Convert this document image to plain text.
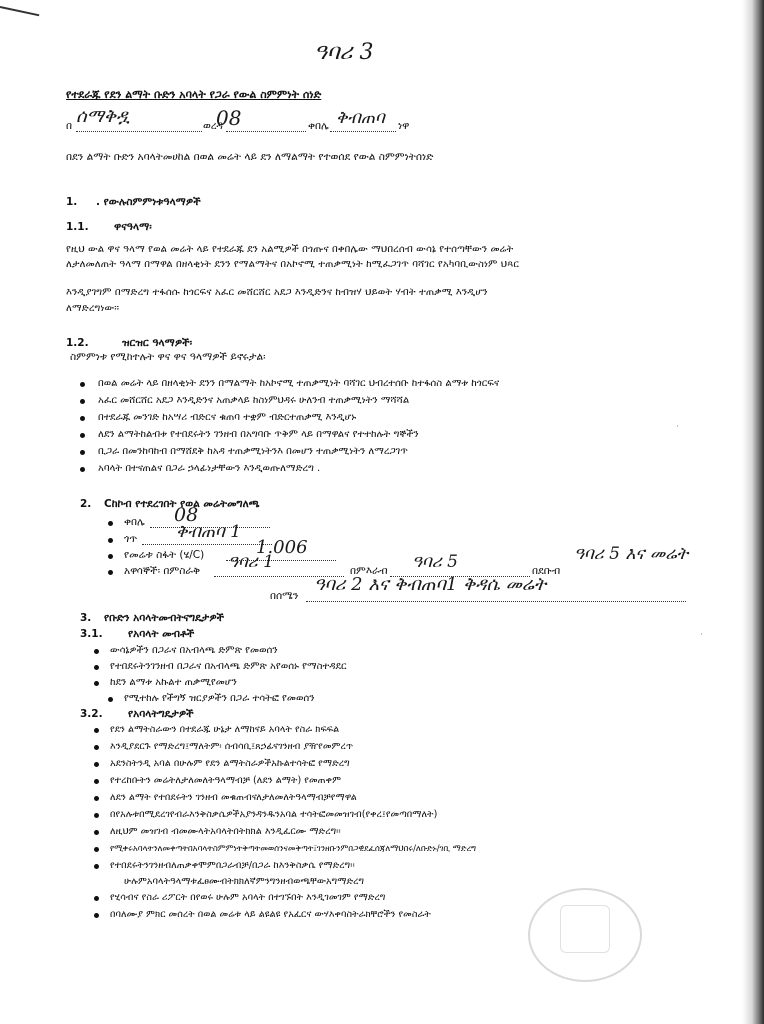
ዓባሪ 3
የተደራጁ የደን ልማት ቡድን አባላት የጋራ የውል ስምምነት ሰነድ
በ ሰማቅዷ	ወረዳ
08	ቀበሌ ቅብጠባ ነዋ
በደን ልማት ቡድን አባላትመሀከል በወል መሬት ላይ ደን ለማልማት የተወሰደ የውል ስምምነትሰነድ
1. . የውሉስምምነቱዓላማዎች
1.1. ዋናዓላማ፡
የዚህ ውል ዋና ዓላማ የወል መሬት ላይ የተደራጁ ደን አልሚዎች በጎጡና በቀበሌው ማህበረሰብ ውሳኔ የተሰጣቸውን መሬት
ለታለመለጠት ዓላማ በማዋል በዘላቂነት ደንን የማልማትና በአኮኖሚ ተጠቃሚነት ከሚፈጋገጥ ባሻገር የአካባቢውስነም ህጻር
እንዲያገግም በማድረግ ተፋሰሱ ከጎርፍና አፈር መሸርሸር አደጋ እንዲድንና ከብዝሃ ህይወት ሃብት ተጠቃሚ እንዲሆን
ለማድረግነው፡፡
1.2.	ዝርዝር ዓላማዎች፡
ስምምነቱ የሚከተሉት ዋና ዋና ዓላማዎች ይኖሩታል፡
በወል መሬት ላይ በዘላቂነት ደንን በማልማት ከአኮኖሚ ተጠቃሚነት ባሻገር ህብረተሰቡ ከተፋሰስ ልማቱ ከጎርፍና
አፈር መሸርሸር አደጋ እንዲድንና አጠቃላይ ከስነምህዳሩ ሁለንብ ተጠቃሚነትን ማሻሻል
በተደራጁ መንገድ ከአሣሪ ብድርና ቁጠባ ተቋም ብድርተጠቃሚ እንዲሆኑ
ለደን ልማትከልብቱ የተበደሩትን ገንዘብ በአግባቡ ጥቅም ላይ በማዋልና የተተከሉት ግኞችን
ቢጋራ በመንከባከብ በማሸደቅ ከአዳ ተጠቃሚነትንእ በመሆን ተጠቃሚነትን ለማረጋገጥ
አባላት በተናጠልና በጋራ ኃላፊነታቸውን እንዲወጡለማድረግ .
2. Cከኮብ የተደረገበት የወል መሬትመግለጫ
ቀበሌ 08
ጎጥ ቅብጠባ 1
የመሬቱ ስፋት (ሄ/C)	1.006
አዋሳኞች፡ በምስራቅ ዓባሪ 1	በምእራብ ዓባሪ 5	በደቡብ
ዓባሪ 5 እና መሬት
በሰሜን
ዓባሪ 2 እና ቅብጠባ1 ቅዳሴ መሬት
3. የቡድን አባላትመብትናግዴታዎች
3.1. የአባላት መብቶች
ውሳኔዎችን በጋራና በአብላጫ ድምጽ የመወሰን
የተበደሩትንገንዘብ በጋራና በአብላጫ ድምጽ አየወሰኑ የማስተዳደር
ከደን ልማቱ አኩልተ ጠቃሚየመሆን
የሚተከሉ የችግኝ ዝርያዎችን በጋራ ተሳትፎ የመወሰን
3.2. የአባላትግዴታዎች
የደን ልማትስራውን በተደራጁ ሁኔታ ለማከናይ አባላት የስራ ክፍፍል
እንዲያደርጉ የማድረግ፤ማለትም፡ ሰብሳቢ፤ጸኃፊናገንዘብ ያዥየመምረጥ
አደንስትንዲ አባል በሁሉም የደን ልማትስራዎችአኩልተሳትፎ የማድረግ
የተረከቡትን መሬትለታለመለትዓላማብቻ (ለደን ልማት) የመጠቀም
ለደን ልማት የተበደሩትን ገንዘብ መቁጠብናለታለመለትዓላማብቻየማዋል
በየአሉቱበሚደረገየብራእንቅስቃሴዎችአያንዳንዱንአባል ተሳትፎመመዝገብ(የቀረ፤የመጣበማለት)
ለዚህም መዝገብ ብመሙላትአባላትበትክክል እንዲፈርሙ ማድረግ፡፡
የሚቀሩአባላትንለመቀጣትበአባላትስምምነትቅጣትመወሰንናመቅጣት፤ገንዘቡንምበጋዊደፈሰጃለማህበሩ/ለቡድኑ/ገቢ ማድረግ
የተበደሩትንገንዘብለጠቃቀሞምበጋራብቻ/በጋራ ከእንቅስቃሴ የማድረግ፡፡
ሁሉምአባላትዓላማቱፈፀሙብትክክለኛምንግንዘብወጫቸውአግማድረግ
የሂሳብና የስራ ሪፖርት በየወሩ ሁሉም አባላት በተገኙበት እንዲገመገም የማድረግ
በባለሙያ ምክር መሰረት በወል መሬቱ ላይ ልዩልዩ የአፈርና ውሃእቀባስትራክቸሮችን የመስራት
·
·
